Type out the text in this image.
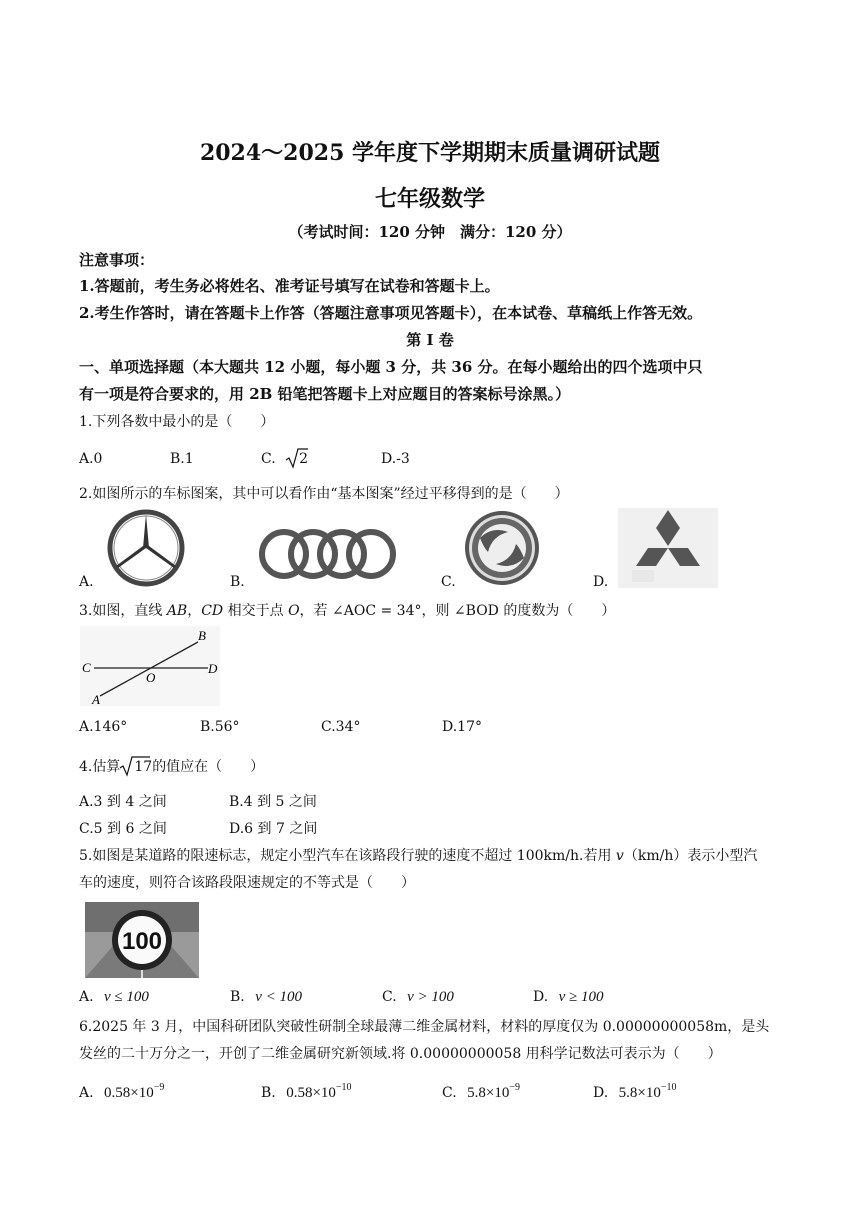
2024～2025 学年度下学期期末质量调研试题
七年级数学
（考试时间：120 分钟　满分：120 分）
注意事项：
1.答题前，考生务必将姓名、准考证号填写在试卷和答题卡上。
2.考生作答时，请在答题卡上作答（答题注意事项见答题卡），在本试卷、草稿纸上作答无效。
第 I 卷
一、单项选择题（本大题共 12 小题，每小题 3 分，共 36 分。在每小题给出的四个选项中只
有一项是符合要求的，用 2B 铅笔把答题卡上对应题目的答案标号涂黑。）
1.下列各数中最小的是（　　）
A.0	B.1	C. 2	D.-3
2.如图所示的车标图案，其中可以看作由“基本图案”经过平移得到的是（　　）
A.	B.	C.	D.
3.如图，直线 AB，CD 相交于点 O，若 ∠AOC = 34°，则 ∠BOD 的度数为（　　）
C	D
B
A
O
A.146°	B.56°	C.34°	D.17°
4.估算 17的值应在（　　）
A.3 到 4 之间	B.4 到 5 之间
C.5 到 6 之间	D.6 到 7 之间
5.如图是某道路的限速标志，规定小型汽车在该路段行驶的速度不超过 100km/h.若用 v（km/h）表示小型汽
车的速度，则符合该路段限速规定的不等式是（　　）
100
A. v ≤ 100	B. v < 100	C. v > 100	D. v ≥ 100
6.2025 年 3 月，中国科研团队突破性研制全球最薄二维金属材料，材料的厚度仅为 0.00000000058m，是头
发丝的二十万分之一，开创了二维金属研究新领域.将 0.00000000058 用科学记数法可表示为（　　）
A. $0.58\times 10^{-9}$	B. $0.58\times 10^{-10}$	C. $5.8\times 10^{-9}$	D. $5.8\times 10^{-10}$
